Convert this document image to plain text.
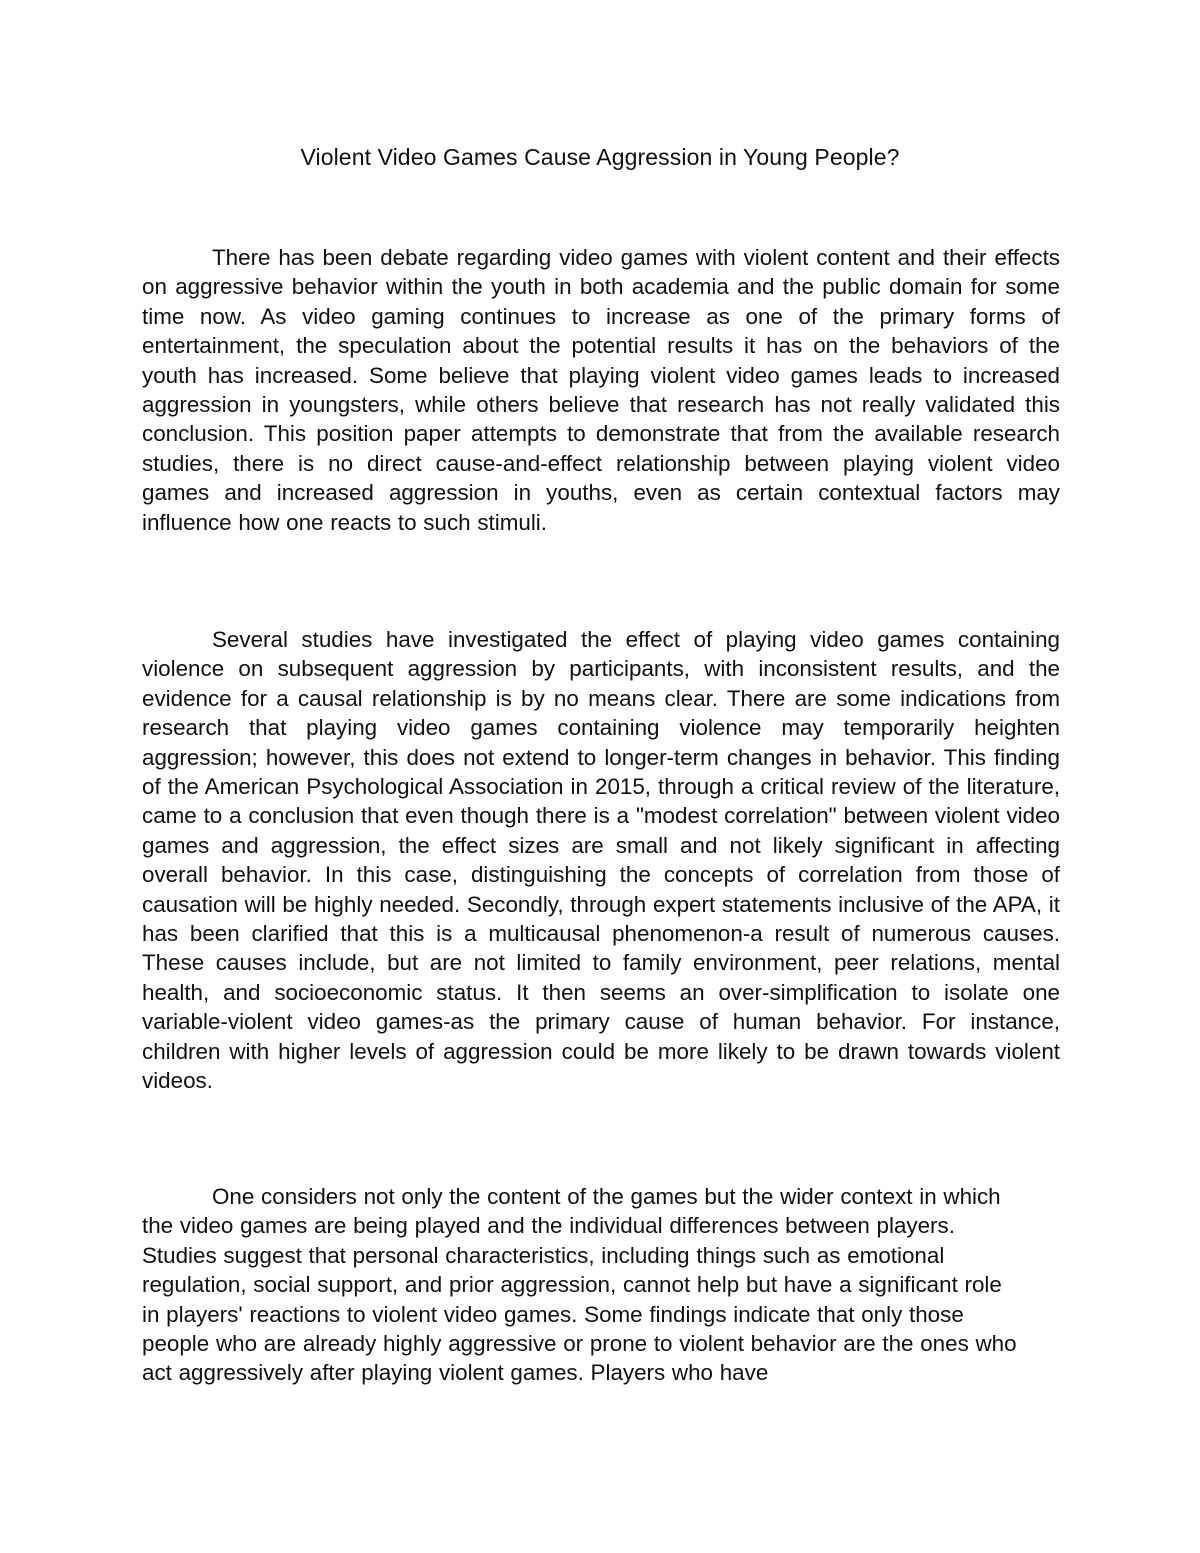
Violent Video Games Cause Aggression in Young People?

There has been debate regarding video games with violent content and their effects on aggressive behavior within the youth in both academia and the public domain for some time now. As video gaming continues to increase as one of the primary forms of entertainment, the speculation about the potential results it has on the behaviors of the youth has increased. Some believe that playing violent video games leads to increased aggression in youngsters, while others believe that research has not really validated this conclusion. This position paper attempts to demonstrate that from the available research studies, there is no direct cause-and-effect relationship between playing violent video games and increased aggression in youths, even as certain contextual factors may influence how one reacts to such stimuli.

Several studies have investigated the effect of playing video games containing violence on subsequent aggression by participants, with inconsistent results, and the evidence for a causal relationship is by no means clear. There are some indications from research that playing video games containing violence may temporarily heighten aggression; however, this does not extend to longer-term changes in behavior. This finding of the American Psychological Association in 2015, through a critical review of the literature, came to a conclusion that even though there is a "modest correlation" between violent video games and aggression, the effect sizes are small and not likely significant in affecting overall behavior. In this case, distinguishing the concepts of correlation from those of causation will be highly needed. Secondly, through expert statements inclusive of the APA, it has been clarified that this is a multicausal phenomenon-a result of numerous causes. These causes include, but are not limited to family environment, peer relations, mental health, and socioeconomic status. It then seems an over-simplification to isolate one variable-violent video games-as the primary cause of human behavior. For instance, children with higher levels of aggression could be more likely to be drawn towards violent videos.

One considers not only the content of the games but the wider context in which the video games are being played and the individual differences between players. Studies suggest that personal characteristics, including things such as emotional regulation, social support, and prior aggression, cannot help but have a significant role in players' reactions to violent video games. Some findings indicate that only those people who are already highly aggressive or prone to violent behavior are the ones who act aggressively after playing violent games. Players who have
